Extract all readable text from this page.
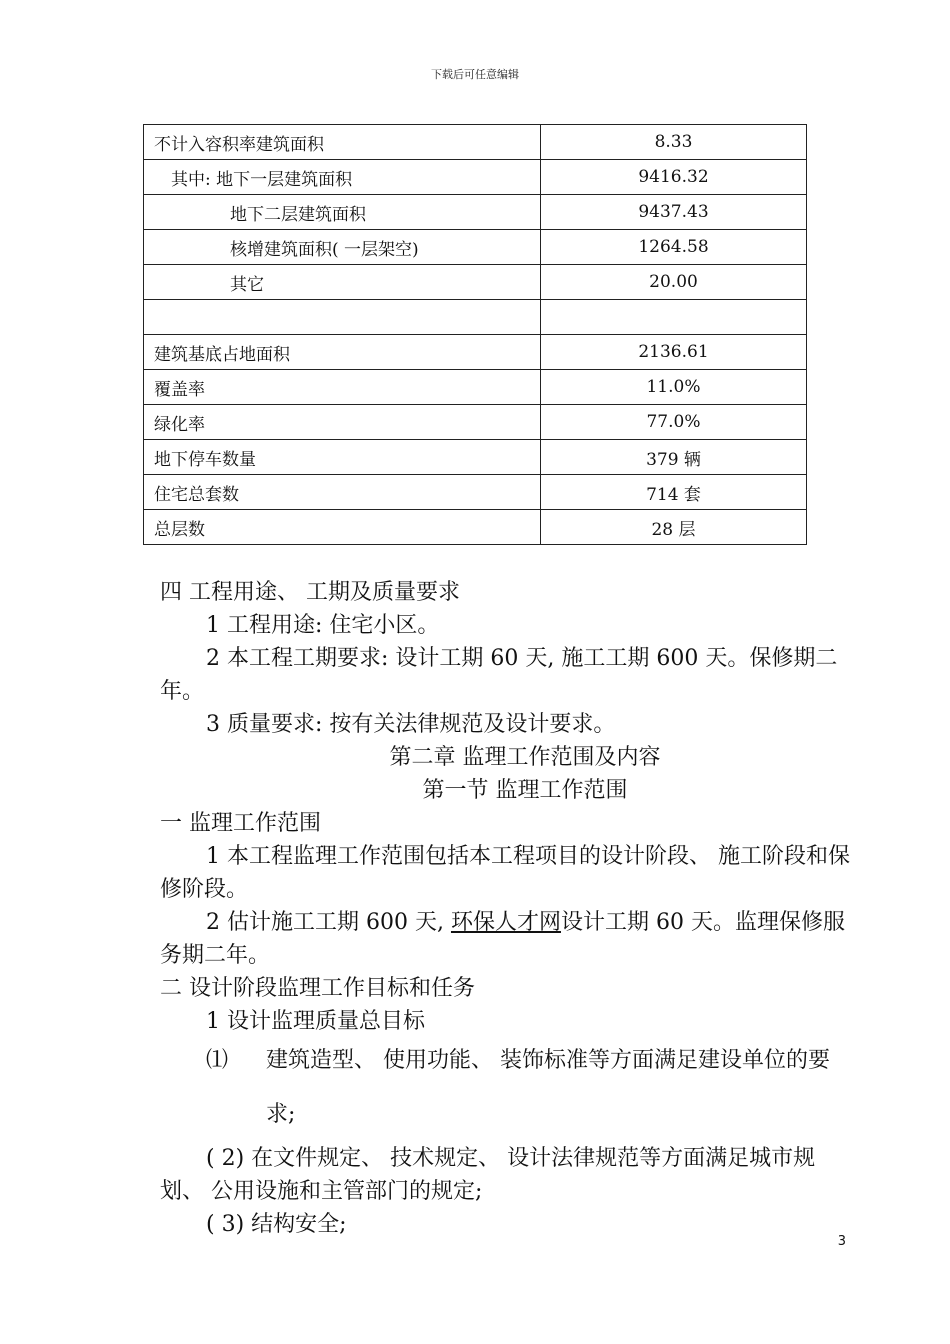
下载后可任意编辑
不计入容积率建筑面积	8.33
其中: 地下一层建筑面积	9416.32
地下二层建筑面积	9437.43
核增建筑面积( 一层架空)	1264.58
其它	20.00

建筑基底占地面积	2136.61
覆盖率	11.0%
绿化率	77.0%
地下停车数量	379 辆
住宅总套数	714 套
总层数	28 层

四 工程用途、 工期及质量要求

1 工程用途: 住宅小区。

2 本工程工期要求: 设计工期 60 天, 施工工期 600 天。保修期二年。

3 质量要求: 按有关法律规范及设计要求。

第二章 监理工作范围及内容

第一节 监理工作范围

一 监理工作范围

1 本工程监理工作范围包括本工程项目的设计阶段、 施工阶段和保修阶段。

2 估计施工工期 600 天, 环保人才网设计工期 60 天。监理保修服务期二年。

二 设计阶段监理工作目标和任务

1 设计监理质量总目标

⑴	建筑造型、 使用功能、 装饰标准等方面满足建设单位的要求;

( 2) 在文件规定、 技术规定、 设计法律规范等方面满足城市规划、 公用设施和主管部门的规定;

( 3) 结构安全;

3
